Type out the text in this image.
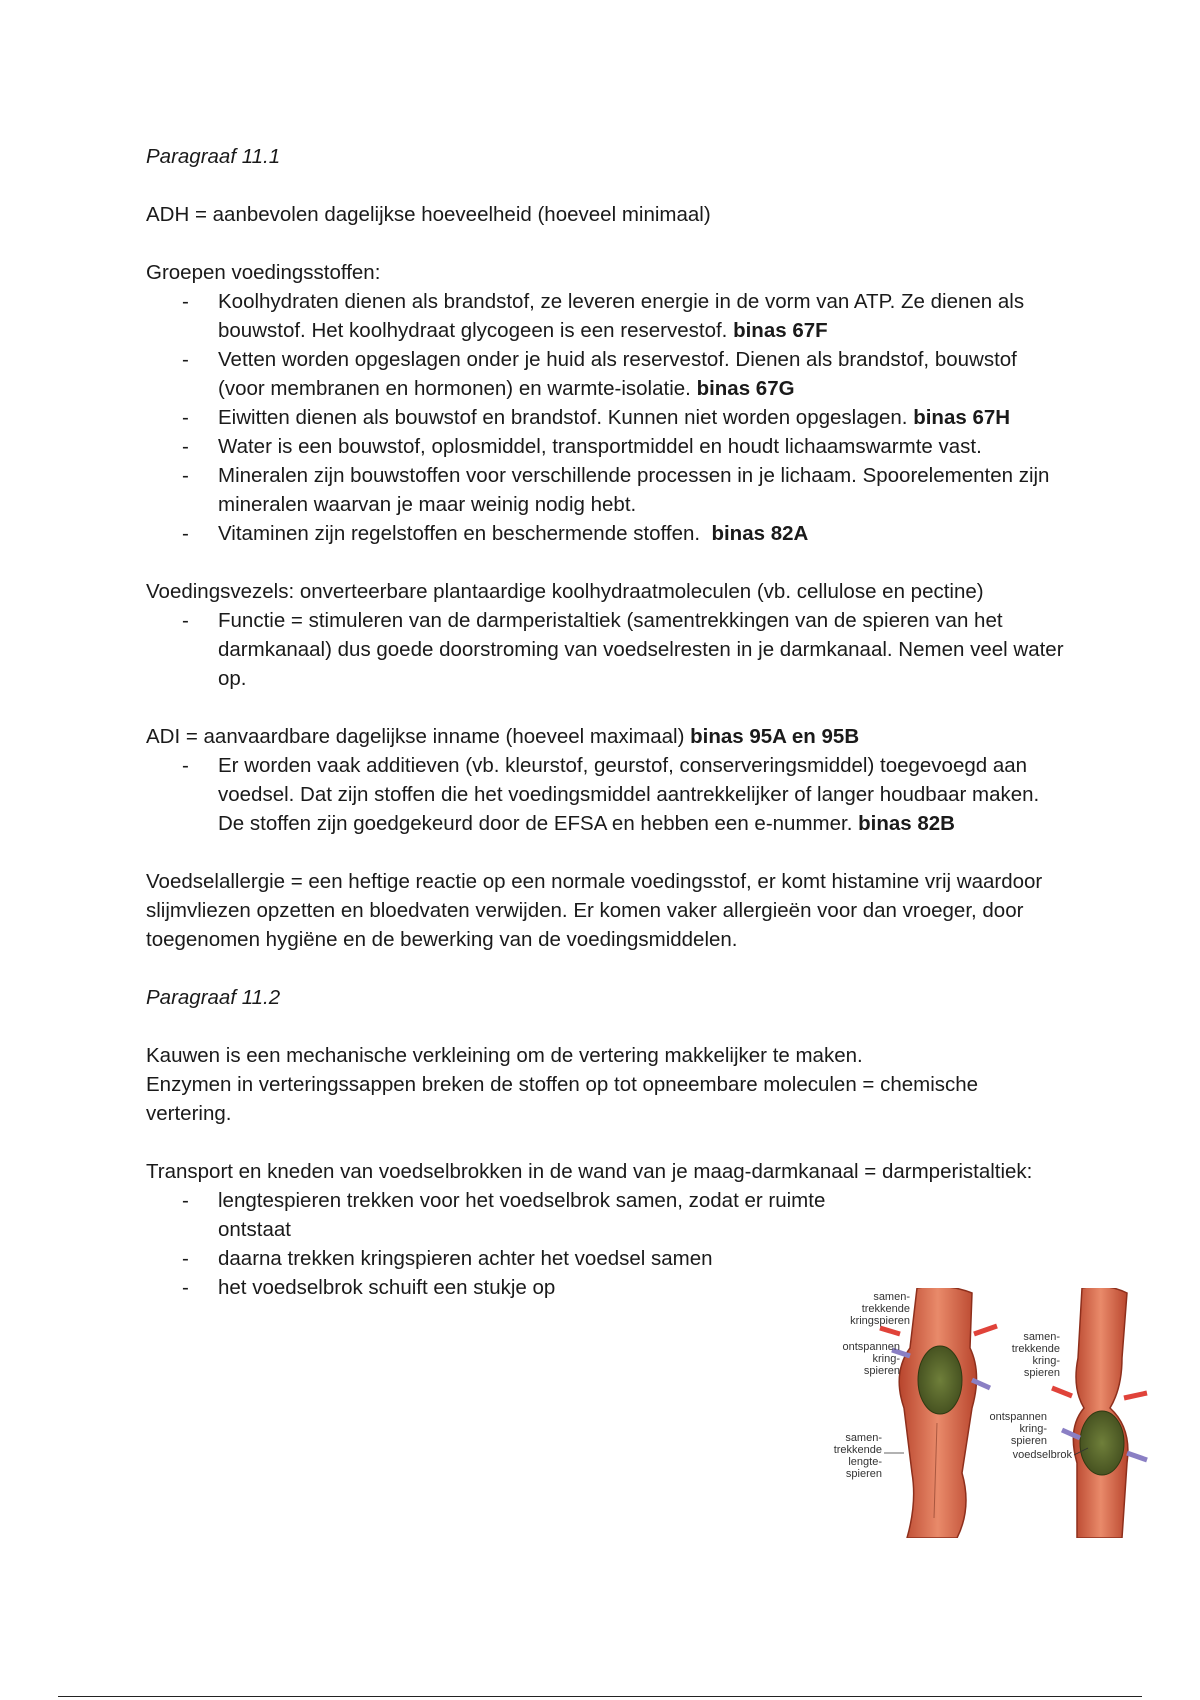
Paragraaf 11.1

ADH = aanbevolen dagelijkse hoeveelheid (hoeveel minimaal)

Groepen voedingsstoffen:

- Koolhydraten dienen als brandstof, ze leveren energie in de vorm van ATP. Ze dienen als bouwstof. Het koolhydraat glycogeen is een reservestof. binas 67F
- Vetten worden opgeslagen onder je huid als reservestof. Dienen als brandstof, bouwstof (voor membranen en hormonen) en warmte-isolatie. binas 67G
- Eiwitten dienen als bouwstof en brandstof. Kunnen niet worden opgeslagen. binas 67H
- Water is een bouwstof, oplosmiddel, transportmiddel en houdt lichaamswarmte vast.
- Mineralen zijn bouwstoffen voor verschillende processen in je lichaam. Spoorelementen zijn mineralen waarvan je maar weinig nodig hebt.
- Vitaminen zijn regelstoffen en beschermende stoffen. binas 82A

Voedingsvezels: onverteerbare plantaardige koolhydraatmoleculen (vb. cellulose en pectine)

- Functie = stimuleren van de darmperistaltiek (samentrekkingen van de spieren van het darmkanaal) dus goede doorstroming van voedselresten in je darmkanaal. Nemen veel water op.

ADI = aanvaardbare dagelijkse inname (hoeveel maximaal) binas 95A en 95B

- Er worden vaak additieven (vb. kleurstof, geurstof, conserveringsmiddel) toegevoegd aan voedsel. Dat zijn stoffen die het voedingsmiddel aantrekkelijker of langer houdbaar maken. De stoffen zijn goedgekeurd door de EFSA en hebben een e-nummer. binas 82B

Voedselallergie = een heftige reactie op een normale voedingsstof, er komt histamine vrij waardoor slijmvliezen opzetten en bloedvaten verwijden. Er komen vaker allergieën voor dan vroeger, door toegenomen hygiëne en de bewerking van de voedingsmiddelen.

Paragraaf 11.2

Kauwen is een mechanische verkleining om de vertering makkelijker te maken.

Enzymen in verteringssappen breken de stoffen op tot opneembare moleculen = chemische vertering.

Transport en kneden van voedselbrokken in de wand van je maag-darmkanaal = darmperistaltiek:

- lengtespieren trekken voor het voedselbrok samen, zodat er ruimte ontstaat
- daarna trekken kringspieren achter het voedsel samen
- het voedselbrok schuift een stukje op	samen-
trekkende
kringspieren
ontspannen
kring-
spieren
samen-
trekkende
lengte-
spieren
samen-
trekkende
kring-
spieren
ontspannen
kring-
spieren
voedselbrok
